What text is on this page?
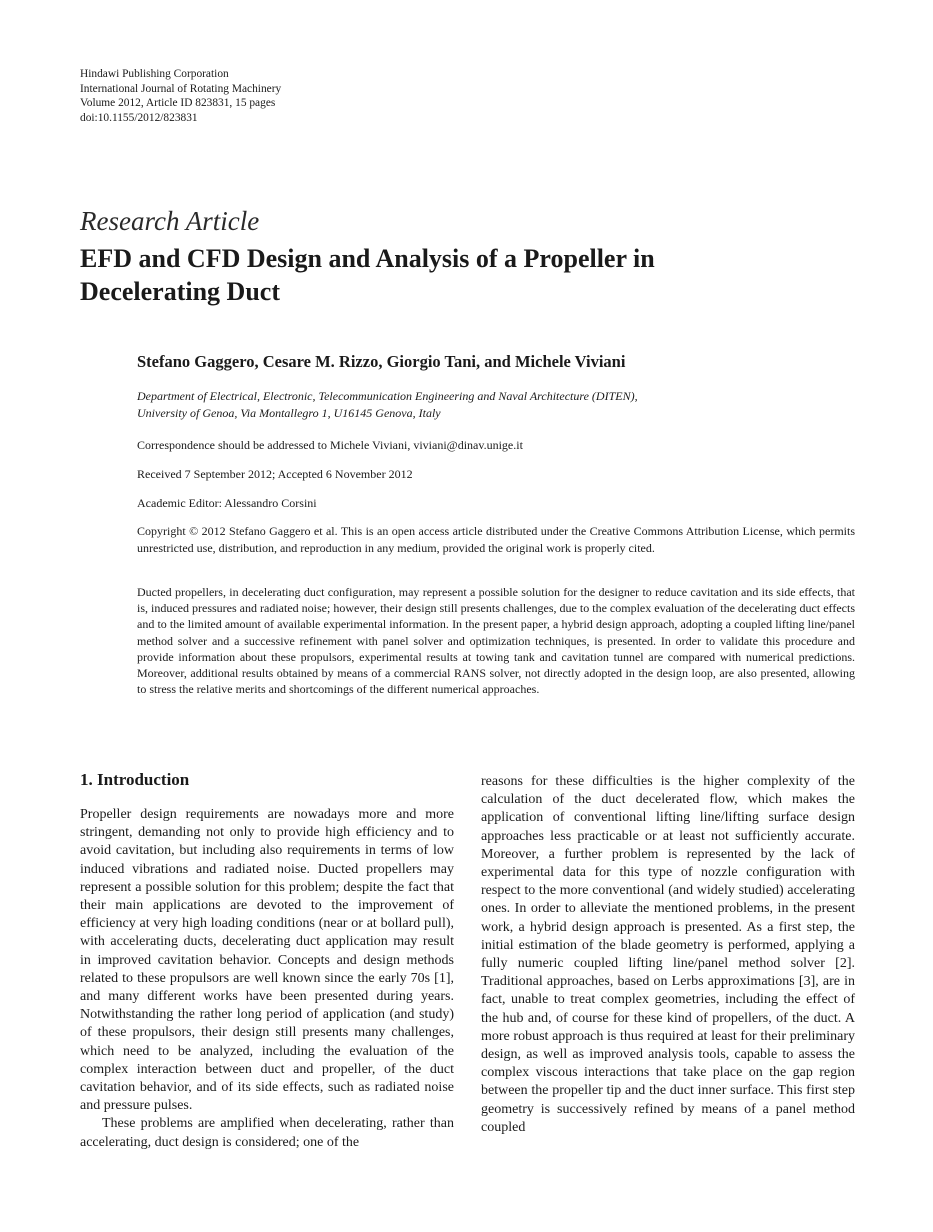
Hindawi Publishing Corporation
International Journal of Rotating Machinery
Volume 2012, Article ID 823831, 15 pages
doi:10.1155/2012/823831
Research Article
EFD and CFD Design and Analysis of a Propeller in Decelerating Duct
Stefano Gaggero, Cesare M. Rizzo, Giorgio Tani, and Michele Viviani
Department of Electrical, Electronic, Telecommunication Engineering and Naval Architecture (DITEN),
University of Genoa, Via Montallegro 1, U16145 Genova, Italy
Correspondence should be addressed to Michele Viviani, viviani@dinav.unige.it
Received 7 September 2012; Accepted 6 November 2012
Academic Editor: Alessandro Corsini
Copyright © 2012 Stefano Gaggero et al. This is an open access article distributed under the Creative Commons Attribution License, which permits unrestricted use, distribution, and reproduction in any medium, provided the original work is properly cited.
Ducted propellers, in decelerating duct configuration, may represent a possible solution for the designer to reduce cavitation and its side effects, that is, induced pressures and radiated noise; however, their design still presents challenges, due to the complex evaluation of the decelerating duct effects and to the limited amount of available experimental information. In the present paper, a hybrid design approach, adopting a coupled lifting line/panel method solver and a successive refinement with panel solver and optimization techniques, is presented. In order to validate this procedure and provide information about these propulsors, experimental results at towing tank and cavitation tunnel are compared with numerical predictions. Moreover, additional results obtained by means of a commercial RANS solver, not directly adopted in the design loop, are also presented, allowing to stress the relative merits and shortcomings of the different numerical approaches.
1. Introduction

Propeller design requirements are nowadays more and more stringent, demanding not only to provide high efficiency and to avoid cavitation, but including also requirements in terms of low induced vibrations and radiated noise. Ducted propellers may represent a possible solution for this problem; despite the fact that their main applications are devoted to the improvement of efficiency at very high loading conditions (near or at bollard pull), with accelerating ducts, decelerating duct application may result in improved cavitation behavior. Concepts and design methods related to these propulsors are well known since the early 70s [1], and many different works have been presented during years. Notwithstanding the rather long period of application (and study) of these propulsors, their design still presents many challenges, which need to be analyzed, including the evaluation of the complex interaction between duct and propeller, of the duct cavitation behavior, and of its side effects, such as radiated noise and pressure pulses.

These problems are amplified when decelerating, rather than accelerating, duct design is considered; one of the

reasons for these difficulties is the higher complexity of the calculation of the duct decelerated flow, which makes the application of conventional lifting line/lifting surface design approaches less practicable or at least not sufficiently accurate. Moreover, a further problem is represented by the lack of experimental data for this type of nozzle configuration with respect to the more conventional (and widely studied) accelerating ones. In order to alleviate the mentioned problems, in the present work, a hybrid design approach is presented. As a first step, the initial estimation of the blade geometry is performed, applying a fully numeric coupled lifting line/panel method solver [2]. Traditional approaches, based on Lerbs approximations [3], are in fact, unable to treat complex geometries, including the effect of the hub and, of course for these kind of propellers, of the duct. A more robust approach is thus required at least for their preliminary design, as well as improved analysis tools, capable to assess the complex viscous interactions that take place on the gap region between the propeller tip and the duct inner surface. This first step geometry is successively refined by means of a panel method coupled
